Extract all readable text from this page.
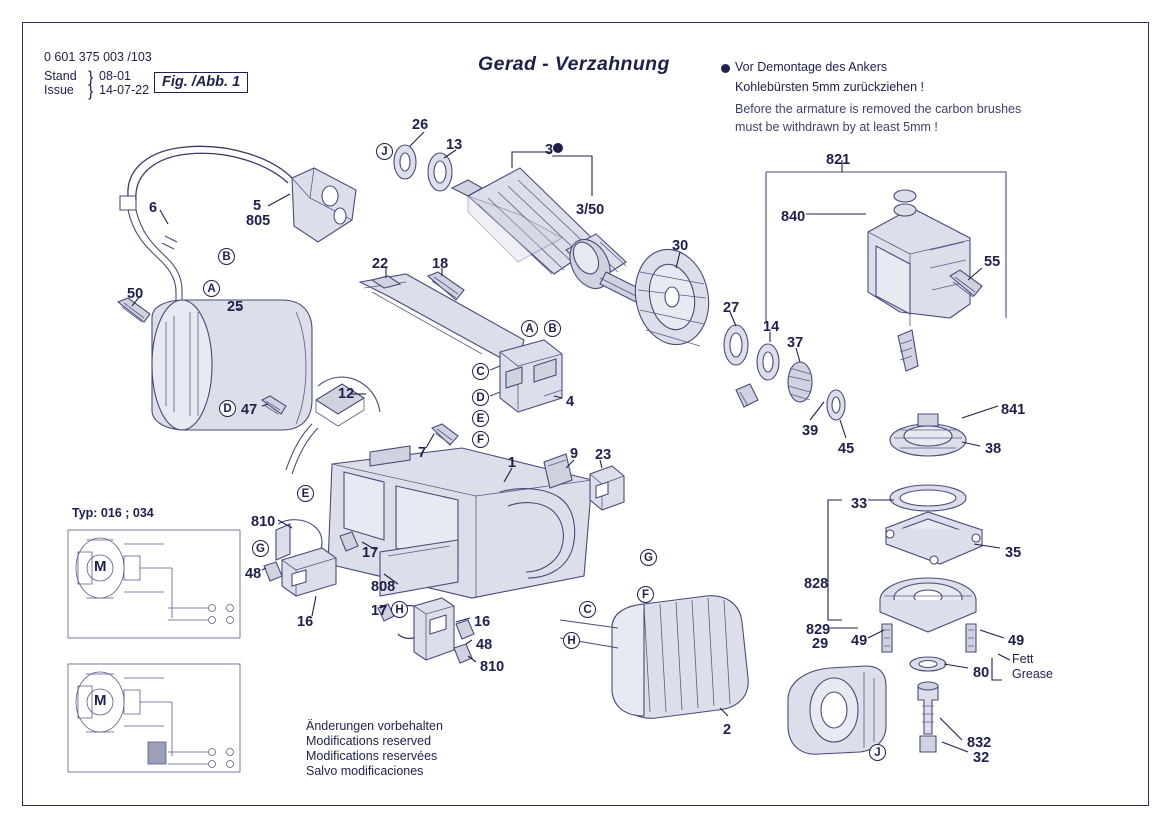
0 601 375 003 /103
Stand
Issue
}
}
08-01
14-07-22 Fig. /Abb. 1
Gerad - Verzahnung	Vor Demontage des Ankers
Kohlebürsten 5mm zurückziehen !
Before the armature is removed the carbon brushes
must be withdrawn by at least 5mm !
26
13	3
3/50
6	5
805
50
25
22	18
30
27
14
37
39
45
55
821
840
841
38
12
47	4
7
1
9 23
33
35
828
829
29 49	49
80
832
32
810
48
17
16
808
17
16
48
810
2
B
A
A	B
C
D
D
E
F
E
J
G
G
F
C
H
H
J
Typ: 016 ; 034
M
M
Fett
Grease
Änderungen vorbehalten
Modifications reserved
Modifications reservées
Salvo modificaciones
